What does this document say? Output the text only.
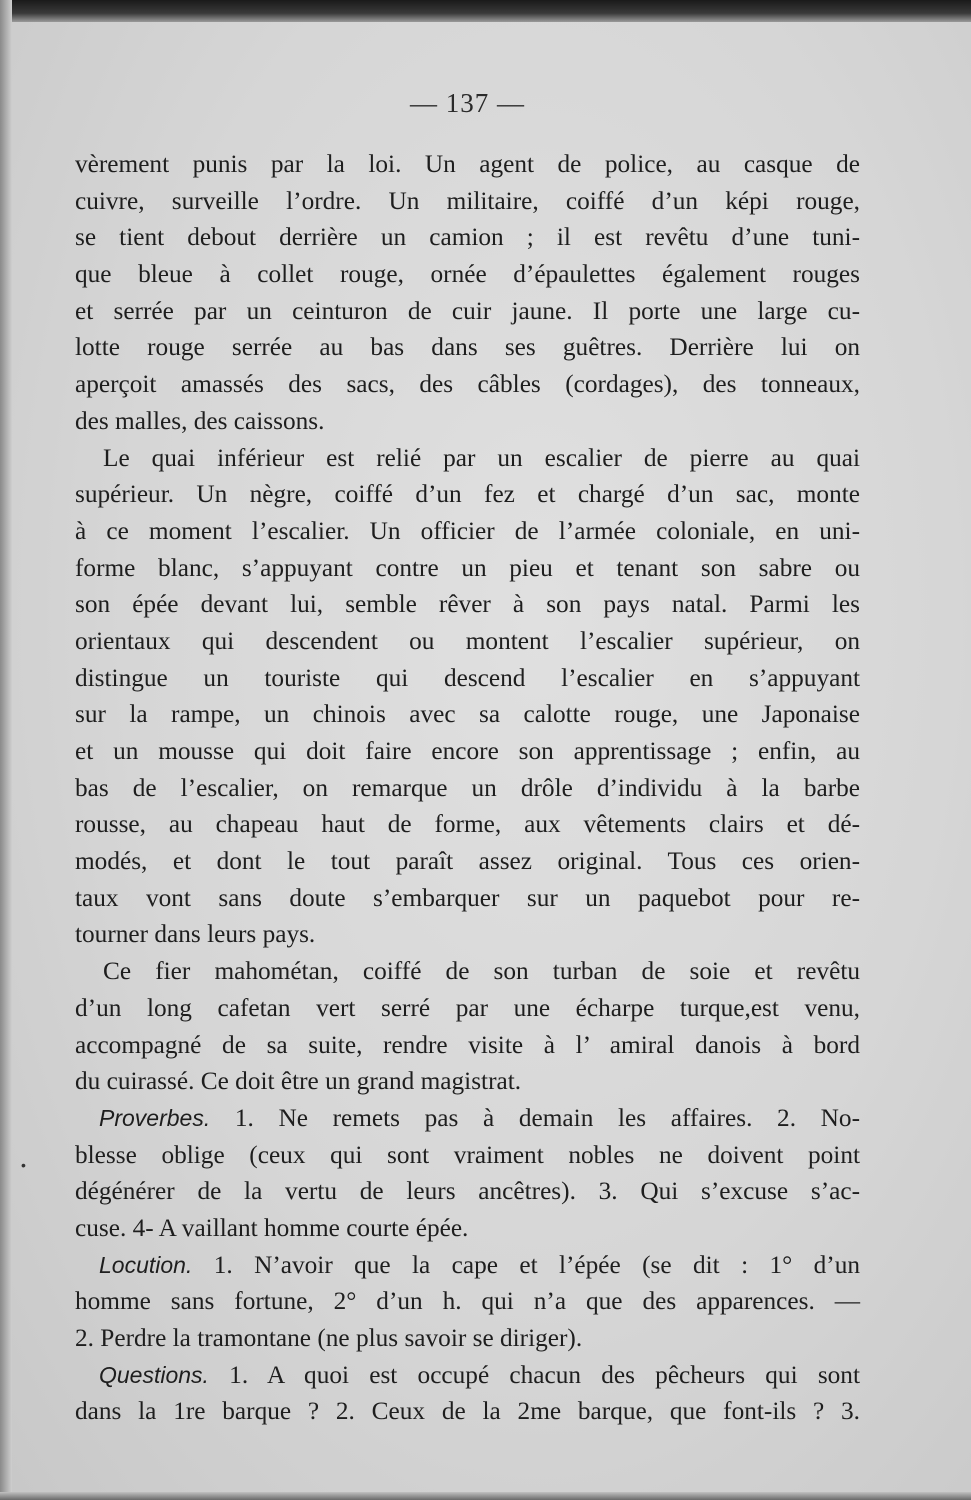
— 137 —
vèrement punis par la loi. Un agent de police, au casque de
cuivre, surveille l’ordre. Un militaire, coiffé d’un képi rouge,
se tient debout derrière un camion ; il est revêtu d’une tuni-
que bleue à collet rouge, ornée d’épaulettes également rouges
et serrée par un ceinturon de cuir jaune. Il porte une large cu-
lotte rouge serrée au bas dans ses guêtres. Derrière lui on
aperçoit amassés des sacs, des câbles (cordages), des tonneaux,
des malles, des caissons.
Le quai inférieur est relié par un escalier de pierre au quai
supérieur. Un nègre, coiffé d’un fez et chargé d’un sac, monte
à ce moment l’escalier. Un officier de l’armée coloniale, en uni-
forme blanc, s’appuyant contre un pieu et tenant son sabre ou
son épée devant lui, semble rêver à son pays natal. Parmi les
orientaux qui descendent ou montent l’escalier supérieur, on
distingue un touriste qui descend l’escalier en s’appuyant
sur la rampe, un chinois avec sa calotte rouge, une Japonaise
et un mousse qui doit faire encore son apprentissage ; enfin, au
bas de l’escalier, on remarque un drôle d’individu à la barbe
rousse, au chapeau haut de forme, aux vêtements clairs et dé-
modés, et dont le tout paraît assez original. Tous ces orien-
taux vont sans doute s’embarquer sur un paquebot pour re-
tourner dans leurs pays.
Ce fier mahométan, coiffé de son turban de soie et revêtu
d’un long cafetan vert serré par une écharpe turque,est venu,
accompagné de sa suite, rendre visite à l’ amiral danois à bord
du cuirassé. Ce doit être un grand magistrat.
Proverbes. 1. Ne remets pas à demain les affaires. 2. No-
blesse oblige (ceux qui sont vraiment nobles ne doivent point
dégénérer de la vertu de leurs ancêtres). 3. Qui s’excuse s’ac-
cuse. 4- A vaillant homme courte épée.
Locution. 1. N’avoir que la cape et l’épée (se dit : 1° d’un
homme sans fortune, 2° d’un h. qui n’a que des apparences. —
2. Perdre la tramontane (ne plus savoir se diriger).
Questions. 1. A quoi est occupé chacun des pêcheurs qui sont
dans la 1re barque ? 2. Ceux de la 2me barque, que font-ils ? 3.
•
